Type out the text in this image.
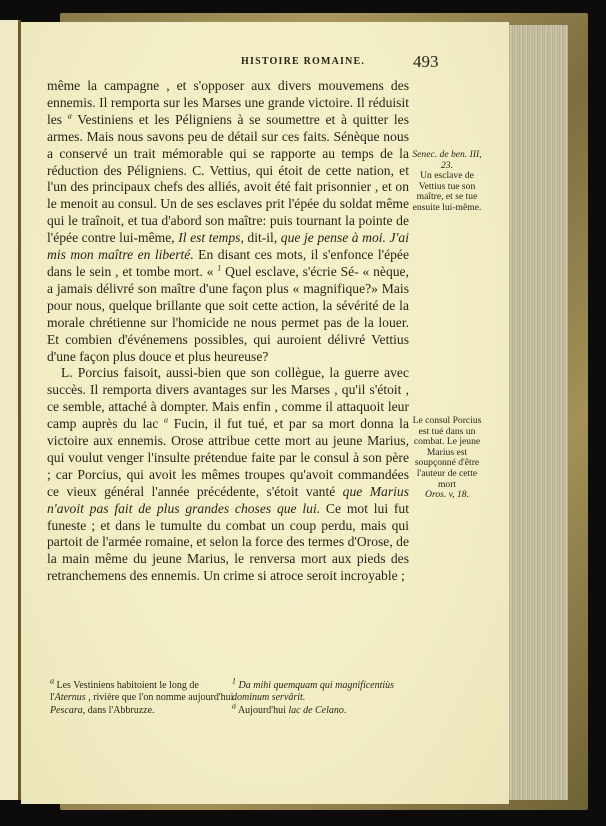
HISTOIRE ROMAINE.	493

même la campagne , et s'opposer aux divers mouvemens des ennemis. Il remporta sur les Marses une grande victoire. Il réduisit les $^a$ Vestiniens et les Péligniens à se soumettre et à quitter les armes. Mais nous savons peu de détail sur ces faits. Sénèque nous a conservé un trait mémorable qui se rapporte au temps de la réduction des Péligniens. C. Vettius, qui étoit de cette nation, et l'un des principaux chefs des alliés, avoit été fait prisonnier , et on le menoit au consul. Un de ses esclaves prit l'épée du soldat même qui le traînoit, et tua d'abord son maître: puis tournant la pointe de l'épée contre lui-même, Il est temps, dit-il, que je pense à moi. J'ai mis mon maître en liberté. En disant ces mots, il s'enfonce l'épée dans le sein , et tombe mort. « $^1$ Quel esclave, s'écrie Sé- « nèque, a jamais délivré son maître d'une façon plus « magnifique?» Mais pour nous, quelque brillante que soit cette action, la sévérité de la morale chrétienne sur l'homicide ne nous permet pas de la louer. Et combien d'événemens possibles, qui auroient délivré Vettius d'une façon plus douce et plus heureuse?

L. Porcius faisoit, aussi-bien que son collègue, la guerre avec succès. Il remporta divers avantages sur les Marses , qu'il s'étoit , ce semble, attaché à dompter. Mais enfin , comme il attaquoit leur camp auprès du lac $^a$ Fucin, il fut tué, et par sa mort donna la victoire aux ennemis. Orose attribue cette mort au jeune Marius, qui voulut venger l'insulte prétendue faite par le consul à son père ; car Porcius, qui avoit les mêmes troupes qu'avoit commandées ce vieux général l'année précédente, s'étoit vanté que Marius n'avoit pas fait de plus grandes choses que lui. Ce mot lui fut funeste ; et dans le tumulte du combat un coup perdu, mais qui partoit de l'armée romaine, et selon la force des termes d'Orose, de la main même du jeune Marius, le renversa mort aux pieds des retranchemens des ennemis. Un crime si atroce seroit incroyable ;

Senec. de ben. III, 23.
Un esclave de Vettius tue son maître, et se tue ensuite lui-même.
Le consul Porcius est tué dans un combat. Le jeune Marius est soupçonné d'être l'auteur de cette mort
Oros. v, 18.
$^a$ Les Vestiniens habitoient le long de l'Aternus , rivière que l'on nomme aujourd'hui Pescara, dans l'Abbruzze.
$^1$ Da mihi quemquam qui magnificentiùs dominum servârit.
$^a$ Aujourd'hui lac de Celano.
